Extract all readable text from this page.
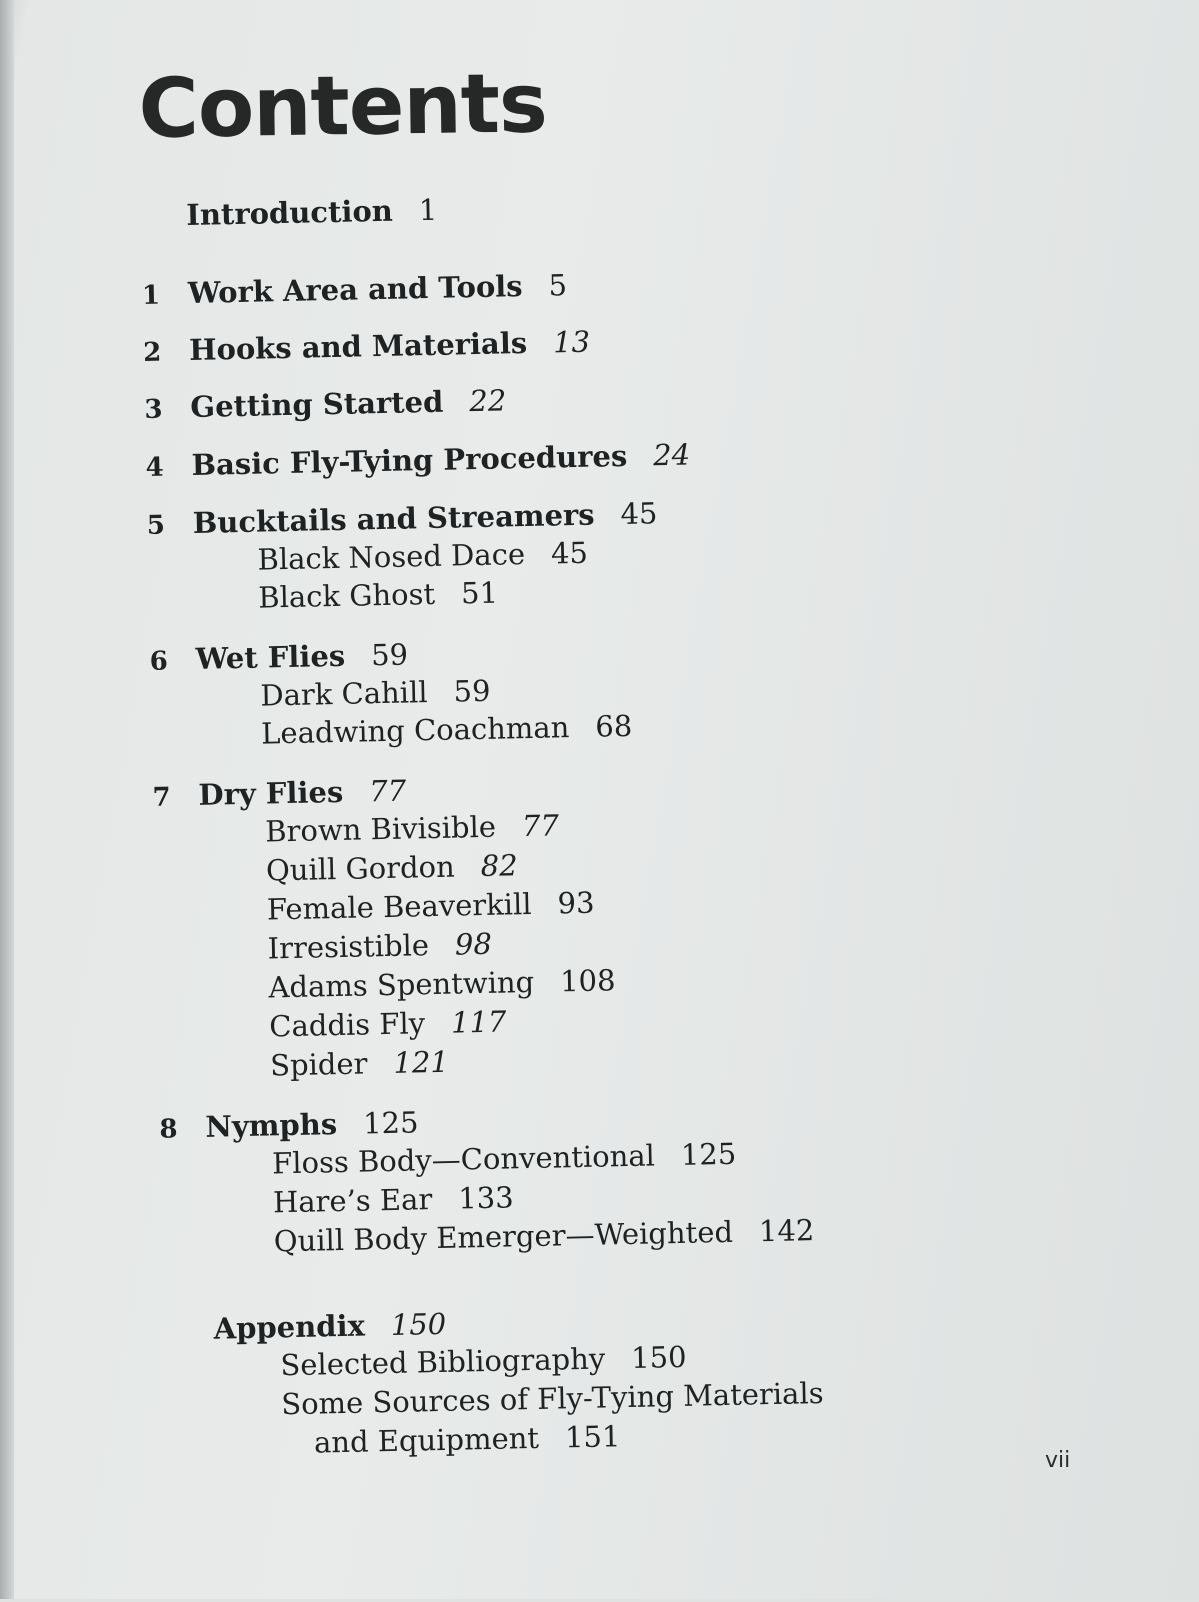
Contents
Introduction 1
1 Work Area and Tools 5
2 Hooks and Materials 13
3 Getting Started 22
4 Basic Fly-Tying Procedures 24
5 Bucktails and Streamers 45
Black Nosed Dace 45
Black Ghost 51
6 Wet Flies 59
Dark Cahill 59
Leadwing Coachman 68
7 Dry Flies 77
Brown Bivisible 77
Quill Gordon 82
Female Beaverkill 93
Irresistible 98
Adams Spentwing 108
Caddis Fly 117
Spider 121
8 Nymphs 125
Floss Body—Conventional 125
Hare’s Ear 133
Quill Body Emerger—Weighted 142
Appendix 150
Selected Bibliography 150
Some Sources of Fly-Tying Materials
and Equipment 151
vii
